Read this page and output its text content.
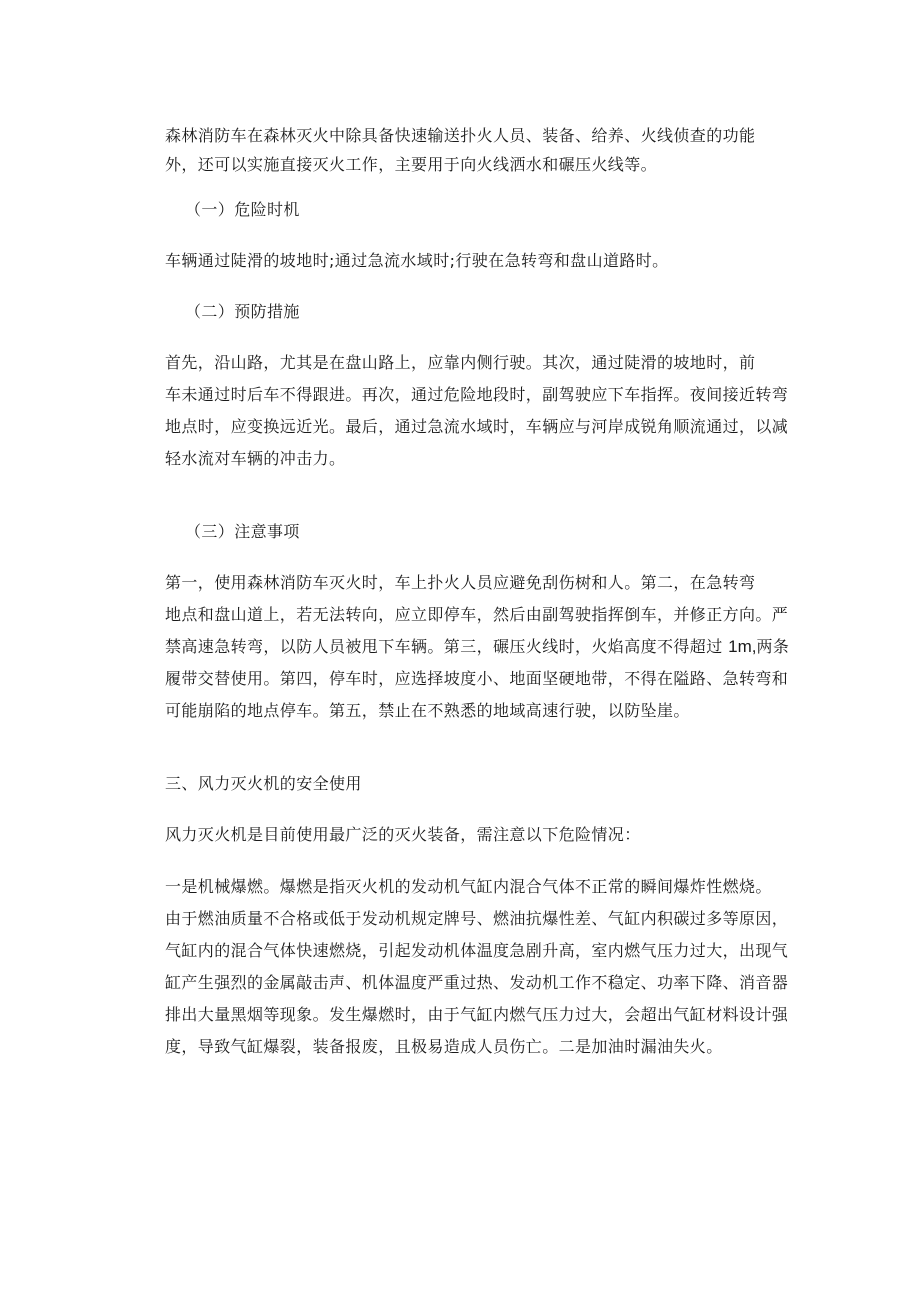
森林消防车在森林灭火中除具备快速输送扑火人员、装备、给养、火线侦查的功能
外，还可以实施直接灭火工作，主要用于向火线洒水和碾压火线等。
（一）危险时机
车辆通过陡滑的坡地时;通过急流水域时;行驶在急转弯和盘山道路时。
（二）预防措施
首先，沿山路，尤其是在盘山路上，应靠内侧行驶。其次，通过陡滑的坡地时，前
车未通过时后车不得跟进。再次，通过危险地段时，副驾驶应下车指挥。夜间接近转弯
地点时，应变换远近光。最后，通过急流水域时，车辆应与河岸成锐角顺流通过，以减
轻水流对车辆的冲击力。
（三）注意事项
第一，使用森林消防车灭火时，车上扑火人员应避免刮伤树和人。第二，在急转弯
地点和盘山道上，若无法转向，应立即停车，然后由副驾驶指挥倒车，并修正方向。严
禁高速急转弯，以防人员被甩下车辆。第三，碾压火线时，火焰高度不得超过 1m,两条
履带交替使用。第四，停车时，应选择坡度小、地面坚硬地带，不得在隘路、急转弯和
可能崩陷的地点停车。第五，禁止在不熟悉的地域高速行驶，以防坠崖。
三、风力灭火机的安全使用
风力灭火机是目前使用最广泛的灭火装备，需注意以下危险情况：
一是机械爆燃。爆燃是指灭火机的发动机气缸内混合气体不正常的瞬间爆炸性燃烧。
由于燃油质量不合格或低于发动机规定牌号、燃油抗爆性差、气缸内积碳过多等原因，
气缸内的混合气体快速燃烧，引起发动机体温度急剧升高，室内燃气压力过大，出现气
缸产生强烈的金属敲击声、机体温度严重过热、发动机工作不稳定、功率下降、消音器
排出大量黑烟等现象。发生爆燃时，由于气缸内燃气压力过大，会超出气缸材料设计强
度，导致气缸爆裂，装备报废，且极易造成人员伤亡。二是加油时漏油失火。
